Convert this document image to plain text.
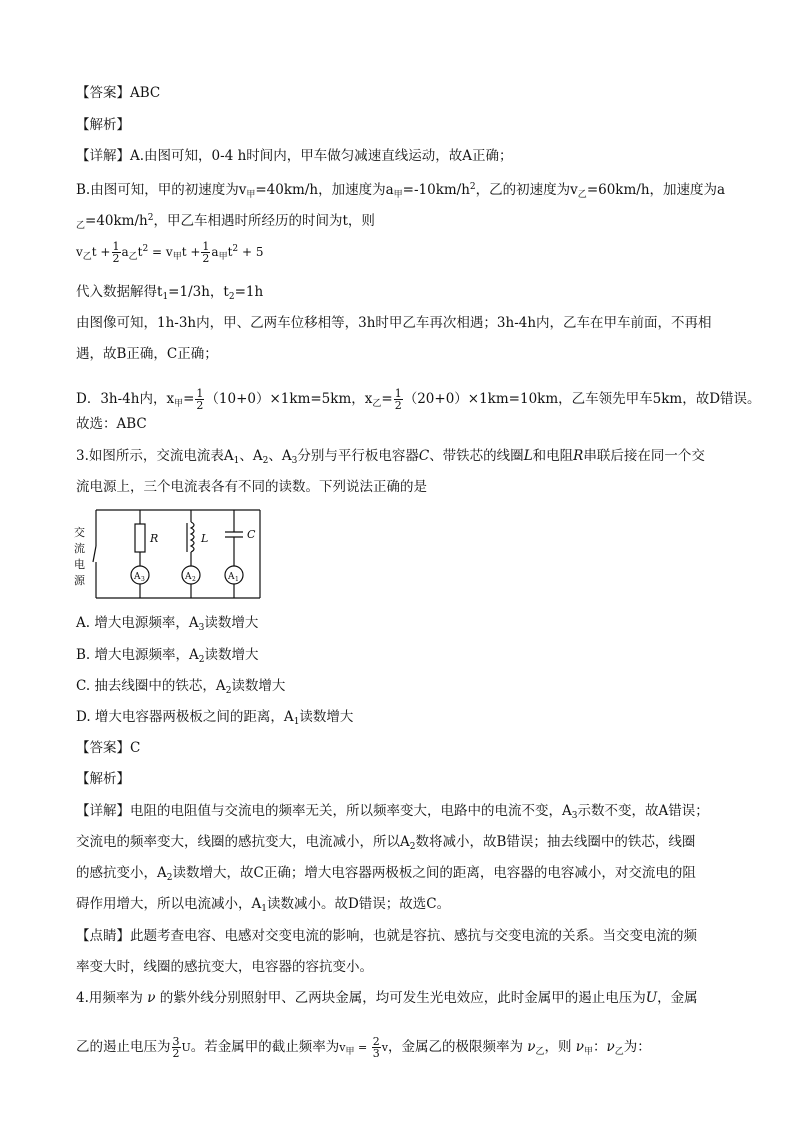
【答案】ABC
【解析】
【详解】A.由图可知，0-4 h时间内，甲车做匀减速直线运动，故A正确；
B.由图可知，甲的初速度为$v_甲=40km/h$，加速度为$a_甲=-10km/h^2$，乙的初速度为$v_乙=60km/h$，加速度为a
$_乙=40km/h^2$，甲乙车相遇时所经历的时间为t，则
$v_乙t + \frac{1}{2} a_乙t^2 = v_甲t + \frac{1}{2} a_甲t^2 + 5$
代入数据解得$t_1=1/3h$，$t_2=1h$
由图像可知，1h-3h内，甲、乙两车位移相等，3h时甲乙车再次相遇；3h-4h内，乙车在甲车前面，不再相
遇，故B正确，C正确；
D．3h-4h内，$x_甲= \frac{1}{2} (10+0)\times 1km=5km$，$x_乙= \frac{1}{2} (20+0)\times 1km=10km$，乙车领先甲车5km，故D错误。
故选：ABC
3.如图所示，交流电流表$A_1$、$A_2$、$A_3$分别与平行板电容器C、带铁芯的线圈L和电阻R串联后接在同一个交
流电源上，三个电流表各有不同的读数。下列说法正确的是
交
流
电
源
R	L	C
A 3	A 2	A 1
A. 增大电源频率，$A_3$读数增大
B. 增大电源频率，$A_2$读数增大
C. 抽去线圈中的铁芯，$A_2$读数增大
D. 增大电容器两极板之间的距离，$A_1$读数增大
【答案】C
【解析】
【详解】电阻的电阻值与交流电的频率无关，所以频率变大，电路中的电流不变，$A_3$示数不变，故A错误；
交流电的频率变大，线圈的感抗变大，电流减小，所以$A_2$数将减小，故B错误；抽去线圈中的铁芯，线圈
的感抗变小，$A_2$读数增大，故C正确；增大电容器两极板之间的距离，电容器的电容减小，对交流电的阻
碍作用增大，所以电流减小，$A_1$读数减小。故D错误；故选C。
【点睛】此题考查电容、电感对交变电流的影响，也就是容抗、感抗与交变电流的关系。当交变电流的频
率变大时，线圈的感抗变大，电容器的容抗变小。
4.用频率为 ν 的紫外线分别照射甲、乙两块金属，均可发生光电效应，此时金属甲的遏止电压为U，金属
乙的遏止电压为 $\frac{3}{2}$ U。若金属甲的截止频率为$v_甲 = \frac{2}{3}$ v，金属乙的极限频率为 $\nu_乙$，则 $\nu_甲$：$\nu_乙$为：
